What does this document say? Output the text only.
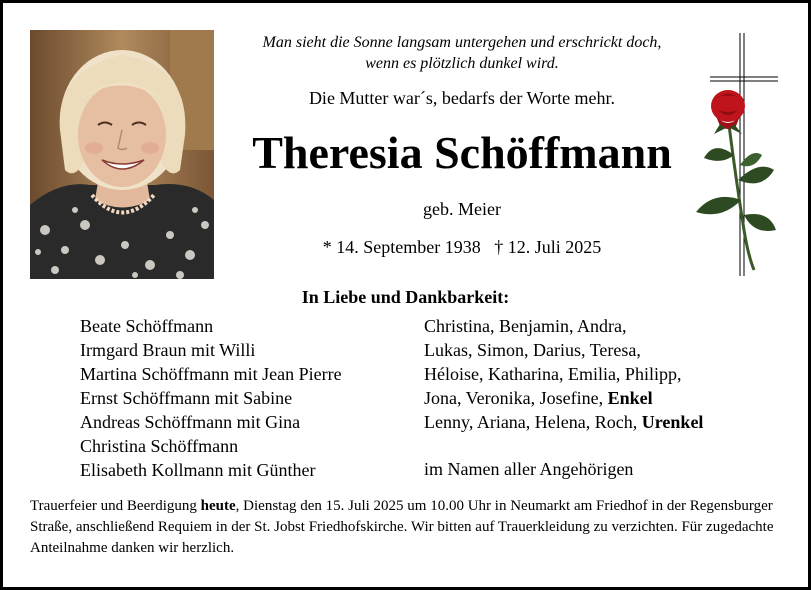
Man sieht die Sonne langsam untergehen und erschrickt doch,
wenn es plötzlich dunkel wird.
Die Mutter war´s, bedarfs der Worte mehr.
Theresia Schöffmann
geb. Meier
* 14. September 1938   † 12. Juli 2025
In Liebe und Dankbarkeit:
Beate Schöffmann
Irmgard Braun mit Willi
Martina Schöffmann mit Jean Pierre
Ernst Schöffmann mit Sabine
Andreas Schöffmann mit Gina
Christina Schöffmann
Elisabeth Kollmann mit Günther
Christina, Benjamin, Andra,
Lukas, Simon, Darius, Teresa,
Héloise, Katharina, Emilia, Philipp,
Jona, Veronika, Josefine, Enkel
Lenny, Ariana, Helena, Roch, Urenkel
im Namen aller Angehörigen
Trauerfeier und Beerdigung heute, Dienstag den 15. Juli 2025 um 10.00 Uhr in Neumarkt am Friedhof in der Regensburger Straße, anschließend Requiem in der St. Jobst Friedhofskirche. Wir bitten auf Trauerkleidung zu verzichten. Für zugedachte Anteilnahme danken wir herzlich.
